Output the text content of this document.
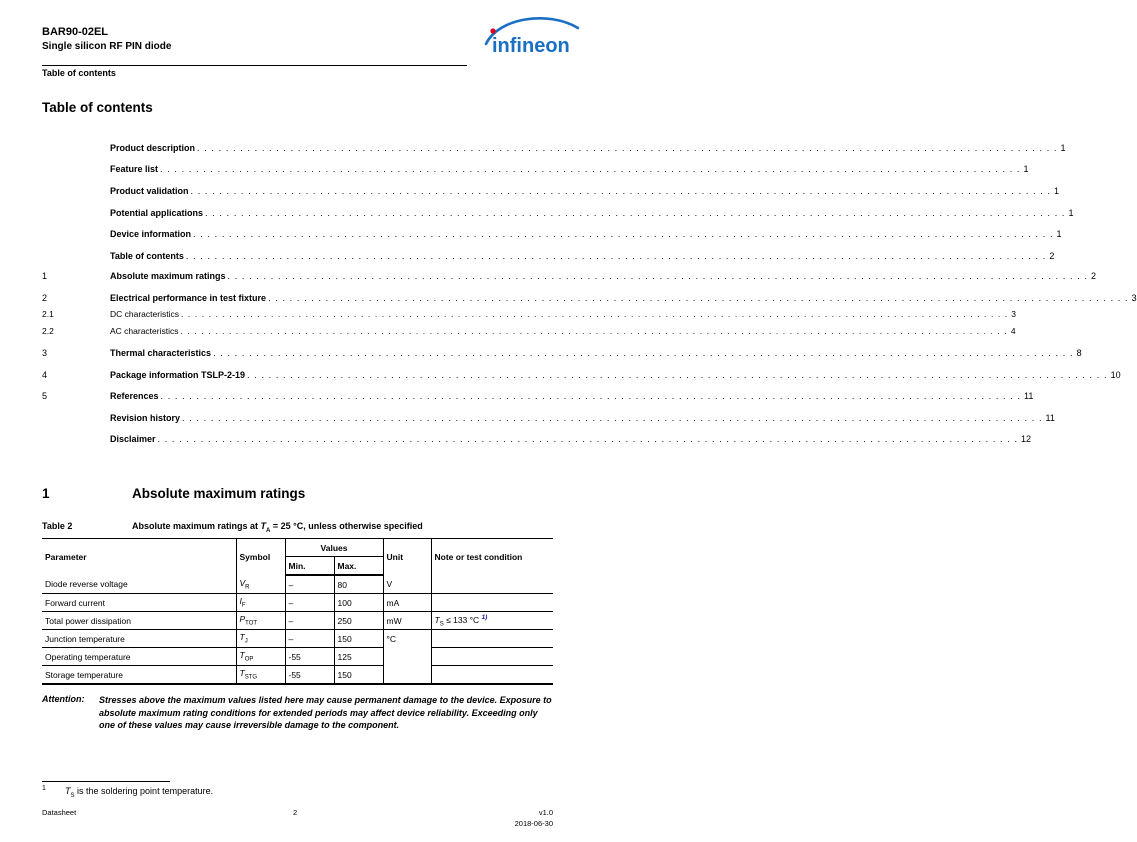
BAR90-02EL
Single silicon RF PIN diode
Table of contents
infineon
Table of contents
Product description . . . . . . . . . . . . . . . . . . . . . . . . . . . . . . . . . . . . . . . . . . . . . . . . . . . . . . . . . . . . . . . . . . . . . . . . . . . . . . . . . . . . . . . . . . . . . . . . . . . . . . . . . . . . . . . . . . . . . . . . 1
Feature list . . . . . . . . . . . . . . . . . . . . . . . . . . . . . . . . . . . . . . . . . . . . . . . . . . . . . . . . . . . . . . . . . . . . . . . . . . . . . . . . . . . . . . . . . . . . . . . . . . . . . . . . . . . . . . . . . . . . . . . . 1
Product validation . . . . . . . . . . . . . . . . . . . . . . . . . . . . . . . . . . . . . . . . . . . . . . . . . . . . . . . . . . . . . . . . . . . . . . . . . . . . . . . . . . . . . . . . . . . . . . . . . . . . . . . . . . . . . . . . . . . . . . . . 1
Potential applications . . . . . . . . . . . . . . . . . . . . . . . . . . . . . . . . . . . . . . . . . . . . . . . . . . . . . . . . . . . . . . . . . . . . . . . . . . . . . . . . . . . . . . . . . . . . . . . . . . . . . . . . . . . . . . . . . . . . . . . . 1
Device information . . . . . . . . . . . . . . . . . . . . . . . . . . . . . . . . . . . . . . . . . . . . . . . . . . . . . . . . . . . . . . . . . . . . . . . . . . . . . . . . . . . . . . . . . . . . . . . . . . . . . . . . . . . . . . . . . . . . . . . . 1
Table of contents . . . . . . . . . . . . . . . . . . . . . . . . . . . . . . . . . . . . . . . . . . . . . . . . . . . . . . . . . . . . . . . . . . . . . . . . . . . . . . . . . . . . . . . . . . . . . . . . . . . . . . . . . . . . . . . . . . . . . . . . 2
1	Absolute maximum ratings . . . . . . . . . . . . . . . . . . . . . . . . . . . . . . . . . . . . . . . . . . . . . . . . . . . . . . . . . . . . . . . . . . . . . . . . . . . . . . . . . . . . . . . . . . . . . . . . . . . . . . . . . . . . . . . . . . . . . . . . 2
2	Electrical performance in test fixture . . . . . . . . . . . . . . . . . . . . . . . . . . . . . . . . . . . . . . . . . . . . . . . . . . . . . . . . . . . . . . . . . . . . . . . . . . . . . . . . . . . . . . . . . . . . . . . . . . . . . . . . . . . . . . . . . . . . . . . . 3
2.1	DC characteristics . . . . . . . . . . . . . . . . . . . . . . . . . . . . . . . . . . . . . . . . . . . . . . . . . . . . . . . . . . . . . . . . . . . . . . . . . . . . . . . . . . . . . . . . . . . . . . . . . . . . . . . . . . . . . . . . . . . . . . . . 3
2.2	AC characteristics . . . . . . . . . . . . . . . . . . . . . . . . . . . . . . . . . . . . . . . . . . . . . . . . . . . . . . . . . . . . . . . . . . . . . . . . . . . . . . . . . . . . . . . . . . . . . . . . . . . . . . . . . . . . . . . . . . . . . . . . 4
3	Thermal characteristics . . . . . . . . . . . . . . . . . . . . . . . . . . . . . . . . . . . . . . . . . . . . . . . . . . . . . . . . . . . . . . . . . . . . . . . . . . . . . . . . . . . . . . . . . . . . . . . . . . . . . . . . . . . . . . . . . . . . . . . . 8
4	Package information TSLP-2-19 . . . . . . . . . . . . . . . . . . . . . . . . . . . . . . . . . . . . . . . . . . . . . . . . . . . . . . . . . . . . . . . . . . . . . . . . . . . . . . . . . . . . . . . . . . . . . . . . . . . . . . . . . . . . . . . . . . . . . . . . 10
5	References . . . . . . . . . . . . . . . . . . . . . . . . . . . . . . . . . . . . . . . . . . . . . . . . . . . . . . . . . . . . . . . . . . . . . . . . . . . . . . . . . . . . . . . . . . . . . . . . . . . . . . . . . . . . . . . . . . . . . . . . 11
Revision history . . . . . . . . . . . . . . . . . . . . . . . . . . . . . . . . . . . . . . . . . . . . . . . . . . . . . . . . . . . . . . . . . . . . . . . . . . . . . . . . . . . . . . . . . . . . . . . . . . . . . . . . . . . . . . . . . . . . . . . . 11
Disclaimer . . . . . . . . . . . . . . . . . . . . . . . . . . . . . . . . . . . . . . . . . . . . . . . . . . . . . . . . . . . . . . . . . . . . . . . . . . . . . . . . . . . . . . . . . . . . . . . . . . . . . . . . . . . . . . . . . . . . . . . . 12
1	Absolute maximum ratings
Table 2	Absolute maximum ratings at $T_A = 25$ °C, unless otherwise specified
Parameter	Symbol	Values		Unit	Note or test condition
		Min.	Max.		
Diode reverse voltage	$V_R$	–	80	V	
Forward current	$I_F$	–	100	mA	
Total power dissipation	$P_{TOT}$	–	250	mW	$T_S \le 133$ °C $^{1)}$
Junction temperature	$T_J$	–	150	°C	
Operating temperature	$T_{OP}$	-55	125		
Storage temperature	$T_{STG}$	-55	150		
Attention: Stresses above the maximum values listed here may cause permanent damage to the device. Exposure to absolute maximum rating conditions for extended periods may affect device reliability. Exceeding only one of these values may cause irreversible damage to the component.
1 $T_S$ is the soldering point temperature.
Datasheet	2	v1.0
2018-06-30
